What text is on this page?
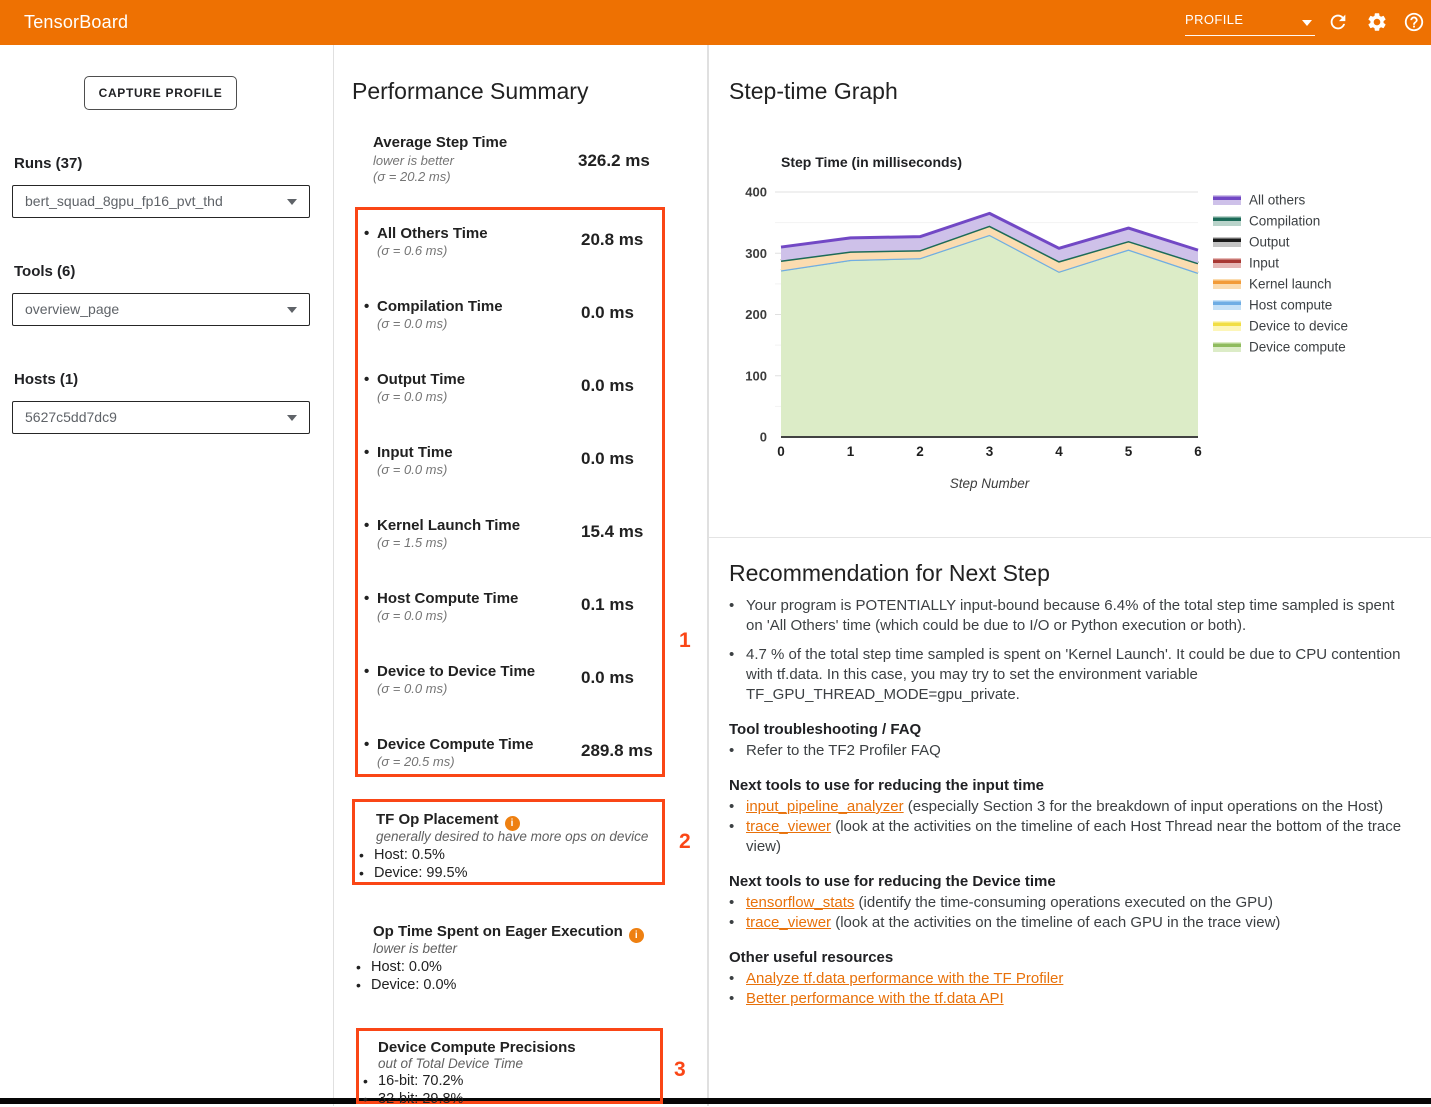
CAPTURE PROFILE
Runs (37)
bert_squad_8gpu_fp16_pvt_thd
Tools (6)
overview_page
Hosts (1)
5627c5dd7dc9
Performance Summary
Average Step Time
lower is better
(σ = 20.2 ms)
326.2 ms
•
All Others Time
(σ = 0.6 ms)
20.8 ms
•
Compilation Time
(σ = 0.0 ms)
0.0 ms
•
Output Time
(σ = 0.0 ms)
0.0 ms
•
Input Time
(σ = 0.0 ms)
0.0 ms
•
Kernel Launch Time
(σ = 1.5 ms)
15.4 ms
•
Host Compute Time
(σ = 0.0 ms)
0.1 ms
•
Device to Device Time
(σ = 0.0 ms)
0.0 ms
•
Device Compute Time
(σ = 20.5 ms)
289.8 ms
1
TF Op Placementi
generally desired to have more ops on device
•
Host: 0.5%
•
Device: 99.5%
2
Op Time Spent on Eager Executioni
lower is better
•
Host: 0.0%
•
Device: 0.0%
Device Compute Precisions
out of Total Device Time
•
16-bit: 70.2%
•
32-bit: 29.8%
3
Step-time Graph
0
100
200
300
400
0	1	2	3	4	5	6
Step Time (in milliseconds)
Step Number
All others
Compilation
Output
Input
Kernel launch
Host compute
Device to device
Device compute
Recommendation for Next Step
•
Your program is POTENTIALLY input-bound because 6.4% of the total step time sampled is spent on 'All Others' time (which could be due to I/O or Python execution or both).
•
4.7 % of the total step time sampled is spent on 'Kernel Launch'. It could be due to CPU contention with tf.data. In this case, you may try to set the environment variable TF_GPU_THREAD_MODE=gpu_private.
Tool troubleshooting / FAQ
•
Refer to the TF2 Profiler FAQ
Next tools to use for reducing the input time
•
input_pipeline_analyzer (especially Section 3 for the breakdown of input operations on the Host)
•
trace_viewer (look at the activities on the timeline of each Host Thread near the bottom of the trace view)
Next tools to use for reducing the Device time
•
tensorflow_stats (identify the time-consuming operations executed on the GPU)
•
trace_viewer (look at the activities on the timeline of each GPU in the trace view)
Other useful resources
•
Analyze tf.data performance with the TF Profiler
•
Better performance with the tf.data API
TensorBoard	PROFILE
